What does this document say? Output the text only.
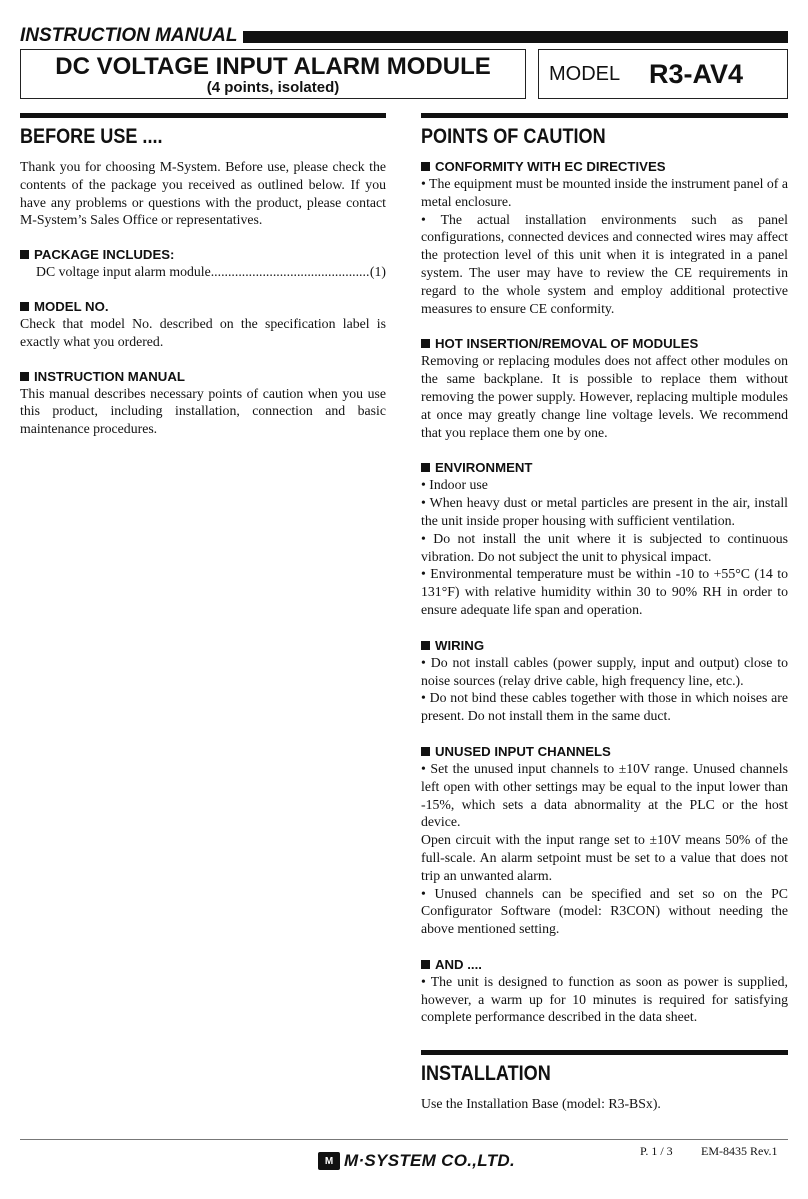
INSTRUCTION MANUAL
DC VOLTAGE INPUT ALARM MODULE
(4 points, isolated)
MODEL R3-AV4
BEFORE USE ....

Thank you for choosing M-System. Before use, please check the contents of the package you received as outlined below. If you have any problems or questions with the product, please contact M-System’s Sales Office or representatives.

PACKAGE INCLUDES:
DC voltage input alarm module
.....	(1)
MODEL NO.

Check that model No. described on the specification label is exactly what you ordered.

INSTRUCTION MANUAL

This manual describes necessary points of caution when you use this product, including installation, connection and basic maintenance procedures.

POINTS OF CAUTION
CONFORMITY WITH EC DIRECTIVES

• The equipment must be mounted inside the instrument panel of a metal enclosure.

• The actual installation environments such as panel configurations, connected devices and connected wires may affect the protection level of this unit when it is integrated in a panel system. The user may have to review the CE requirements in regard to the whole system and employ additional protective measures to ensure CE conformity.

HOT INSERTION/REMOVAL OF MODULES

Removing or replacing modules does not affect other modules on the same backplane. It is possible to replace them without removing the power supply. However, replacing multiple modules at once may greatly change line voltage levels. We recommend that you replace them one by one.

ENVIRONMENT

• Indoor use

• When heavy dust or metal particles are present in the air, install the unit inside proper housing with sufficient ventilation.

• Do not install the unit where it is subjected to continuous vibration. Do not subject the unit to physical impact.

• Environmental temperature must be within -10 to +55°C (14 to 131°F) with relative humidity within 30 to 90% RH in order to ensure adequate life span and operation.

WIRING

• Do not install cables (power supply, input and output) close to noise sources (relay drive cable, high frequency line, etc.).

• Do not bind these cables together with those in which noises are present. Do not install them in the same duct.

UNUSED INPUT CHANNELS

• Set the unused input channels to ±10V range. Unused channels left open with other settings may be equal to the input lower than -15%, which sets a data abnormality at the PLC or the host device.

Open circuit with the input range set to ±10V means 50% of the full-scale. An alarm setpoint must be set to a value that does not trip an unwanted alarm.

• Unused channels can be specified and set so on the PC Configurator Software (model: R3CON) without needing the above mentioned setting.

AND ....

• The unit is designed to function as soon as power is supplied, however, a warm up for 10 minutes is required for satisfying complete performance described in the data sheet.

INSTALLATION

Use the Installation Base (model: R3-BSx).

M M·SYSTEM CO.,LTD.	P. 1 / 3 EM-8435 Rev.1
